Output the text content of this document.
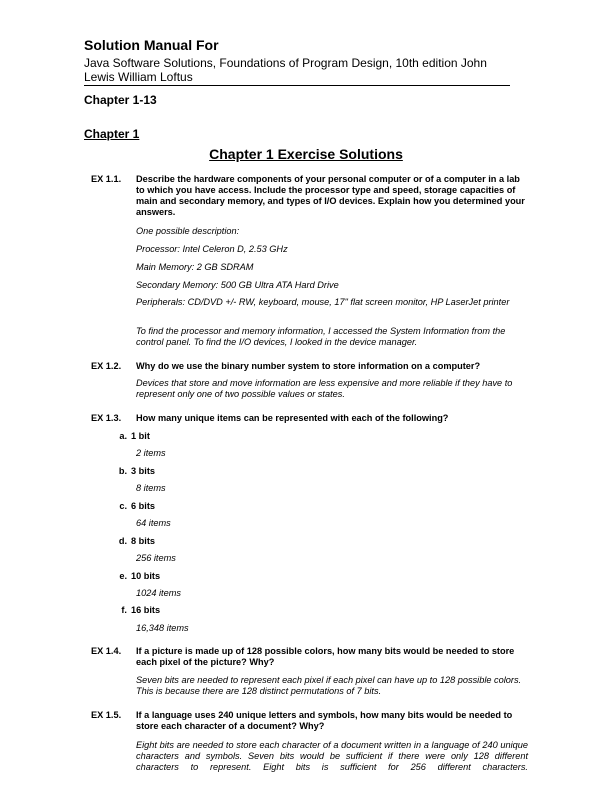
Solution Manual For
Java Software Solutions, Foundations of Program Design, 10th edition John Lewis William Loftus
Chapter 1-13
Chapter 1
Chapter 1 Exercise Solutions
EX 1.1.	Describe the hardware components of your personal computer or of a computer in a lab to which you have access. Include the processor type and speed, storage capacities of main and secondary memory, and types of I/O devices. Explain how you determined your answers.
One possible description:
Processor: Intel Celeron D, 2.53 GHz
Main Memory: 2 GB SDRAM
Secondary Memory: 500 GB Ultra ATA Hard Drive
Peripherals: CD/DVD +/- RW, keyboard, mouse, 17" flat screen monitor, HP LaserJet printer
To find the processor and memory information, I accessed the System Information from the control panel. To find the I/O devices, I looked in the device manager.
EX 1.2.	Why do we use the binary number system to store information on a computer?
Devices that store and move information are less expensive and more reliable if they have to represent only one of two possible values or states.
EX 1.3.	How many unique items can be represented with each of the following?
a. 1 bit
2 items
b. 3 bits
8 items
c. 6 bits
64 items
d. 8 bits
256 items
e. 10 bits
1024 items
f. 16 bits
16,348 items
EX 1.4.	If a picture is made up of 128 possible colors, how many bits would be needed to store each pixel of the picture? Why?
Seven bits are needed to represent each pixel if each pixel can have up to 128 possible colors. This is because there are 128 distinct permutations of 7 bits.
EX 1.5.	If a language uses 240 unique letters and symbols, how many bits would be needed to store each character of a document? Why?
Eight bits are needed to store each character of a document written in a language of 240 unique characters and symbols. Seven bits would be sufficient if there were only 128 different characters to represent. Eight bits is sufficient for 256 different characters.
